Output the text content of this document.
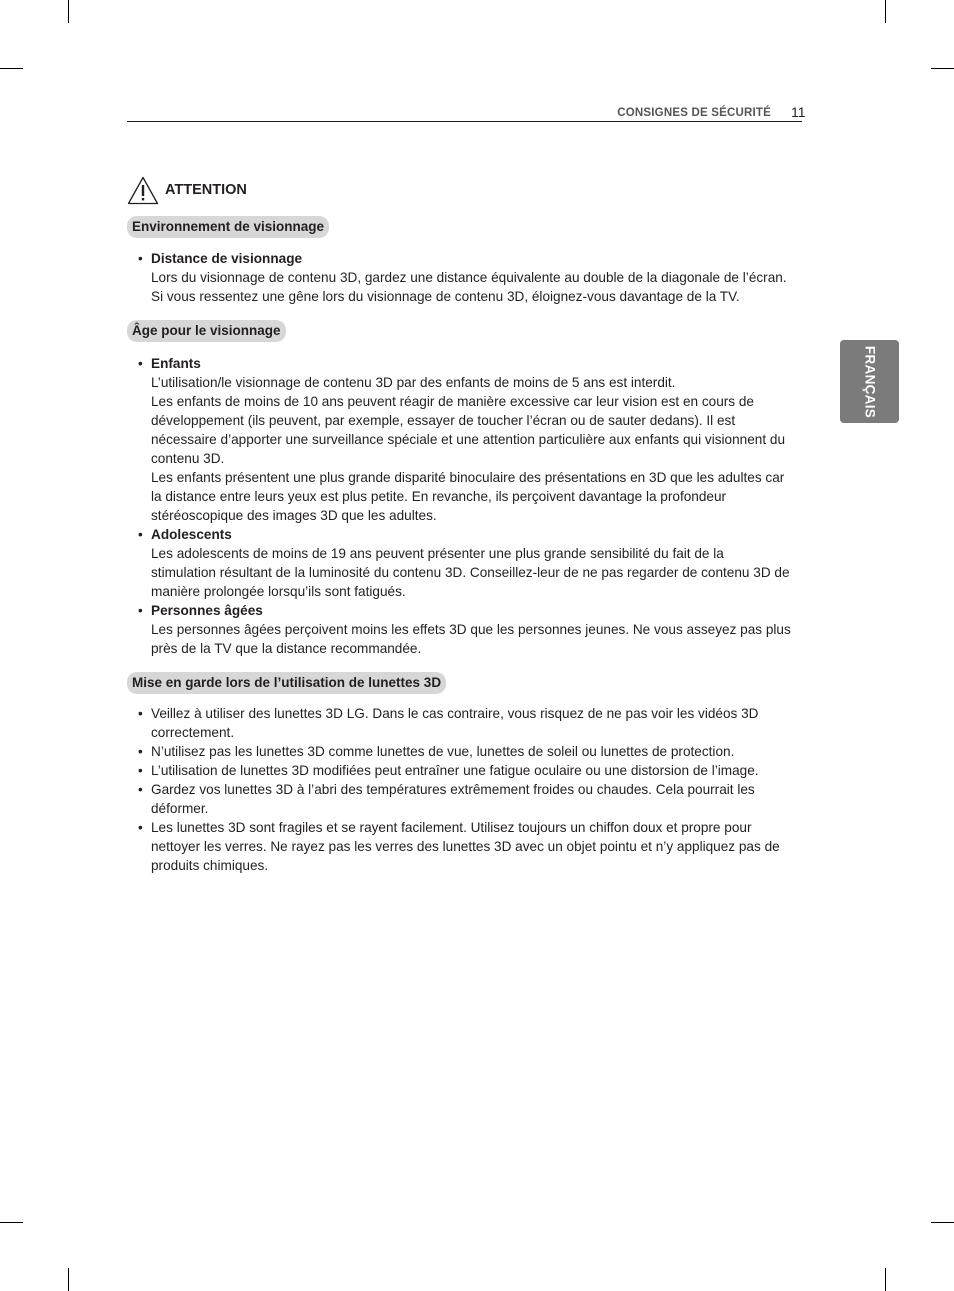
CONSIGNES DE SÉCURITÉ 11
FRANÇAIS
ATTENTION
Environnement de visionnage
• Distance de visionnage
Lors du visionnage de contenu 3D, gardez une distance équivalente au double de la diagonale de l’écran. Si vous ressentez une gêne lors du visionnage de contenu 3D, éloignez-vous davantage de la TV.
Âge pour le visionnage
• Enfants
L’utilisation/le visionnage de contenu 3D par des enfants de moins de 5 ans est interdit.
Les enfants de moins de 10 ans peuvent réagir de manière excessive car leur vision est en cours de développement (ils peuvent, par exemple, essayer de toucher l’écran ou de sauter dedans). Il est nécessaire d’apporter une surveillance spéciale et une attention particulière aux enfants qui visionnent du contenu 3D.
Les enfants présentent une plus grande disparité binoculaire des présentations en 3D que les adultes car la distance entre leurs yeux est plus petite. En revanche, ils perçoivent davantage la profondeur stéréoscopique des images 3D que les adultes.
• Adolescents
Les adolescents de moins de 19 ans peuvent présenter une plus grande sensibilité du fait de la stimulation résultant de la luminosité du contenu 3D. Conseillez-leur de ne pas regarder de contenu 3D de manière prolongée lorsqu’ils sont fatigués.
• Personnes âgées
Les personnes âgées perçoivent moins les effets 3D que les personnes jeunes. Ne vous asseyez pas plus près de la TV que la distance recommandée.
Mise en garde lors de l’utilisation de lunettes 3D
• Veillez à utiliser des lunettes 3D LG. Dans le cas contraire, vous risquez de ne pas voir les vidéos 3D correctement.
• N’utilisez pas les lunettes 3D comme lunettes de vue, lunettes de soleil ou lunettes de protection.
• L’utilisation de lunettes 3D modifiées peut entraîner une fatigue oculaire ou une distorsion de l’image.
• Gardez vos lunettes 3D à l’abri des températures extrêmement froides ou chaudes. Cela pourrait les déformer.
• Les lunettes 3D sont fragiles et se rayent facilement. Utilisez toujours un chiffon doux et propre pour nettoyer les verres. Ne rayez pas les verres des lunettes 3D avec un objet pointu et n’y appliquez pas de produits chimiques.
